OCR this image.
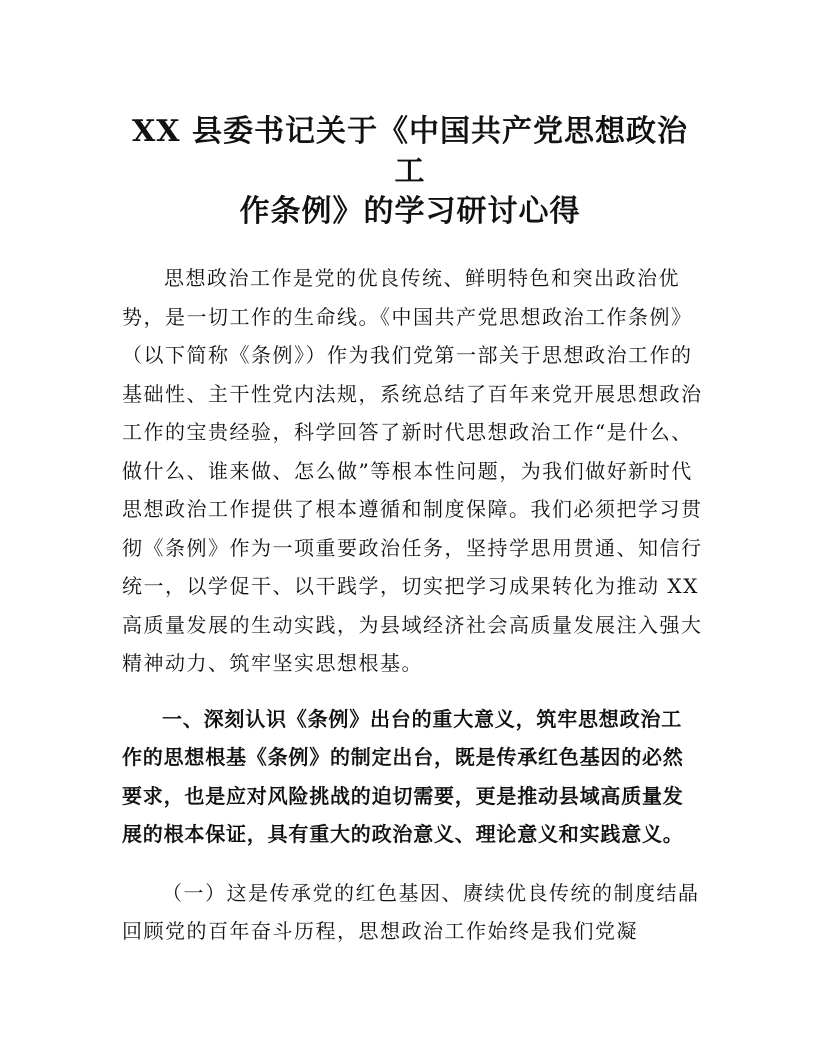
XX 县委书记关于《中国共产党思想政治工
作条例》的学习研讨心得

思想政治工作是党的优良传统、鲜明特色和突出政治优
势，是一切工作的生命线。《中国共产党思想政治工作条例》
（以下简称《条例》）作为我们党第一部关于思想政治工作的
基础性、主干性党内法规，系统总结了百年来党开展思想政治
工作的宝贵经验，科学回答了新时代思想政治工作“是什么、
做什么、谁来做、怎么做”等根本性问题，为我们做好新时代
思想政治工作提供了根本遵循和制度保障。我们必须把学习贯
彻《条例》作为一项重要政治任务，坚持学思用贯通、知信行
统一，以学促干、以干践学，切实把学习成果转化为推动 XX
高质量发展的生动实践，为县域经济社会高质量发展注入强大
精神动力、筑牢坚实思想根基。

一、深刻认识《条例》出台的重大意义，筑牢思想政治工
作的思想根基《条例》的制定出台，既是传承红色基因的必然
要求，也是应对风险挑战的迫切需要，更是推动县域高质量发
展的根本保证，具有重大的政治意义、理论意义和实践意义。

（一）这是传承党的红色基因、赓续优良传统的制度结晶
回顾党的百年奋斗历程，思想政治工作始终是我们党凝
